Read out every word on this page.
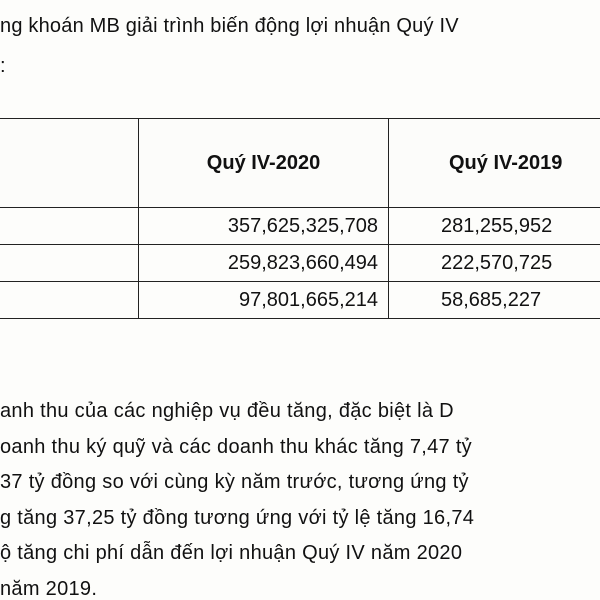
ng khoán MB giải trình biến động lợi nhuận Quý IV
:
	Quý IV-2020	Quý IV-2019
	357,625,325,708	281,255,952
	259,823,660,494	222,570,725
	97,801,665,214	58,685,227
anh thu của các nghiệp vụ đều tăng, đặc biệt là D
oanh thu ký quỹ và các doanh thu khác tăng 7,47 tỷ
37 tỷ đồng so với cùng kỳ năm trước, tương ứng tỷ
g tăng 37,25 tỷ đồng tương ứng với tỷ lệ tăng 16,74
ộ tăng chi phí dẫn đến lợi nhuận Quý IV năm 2020
năm 2019.
